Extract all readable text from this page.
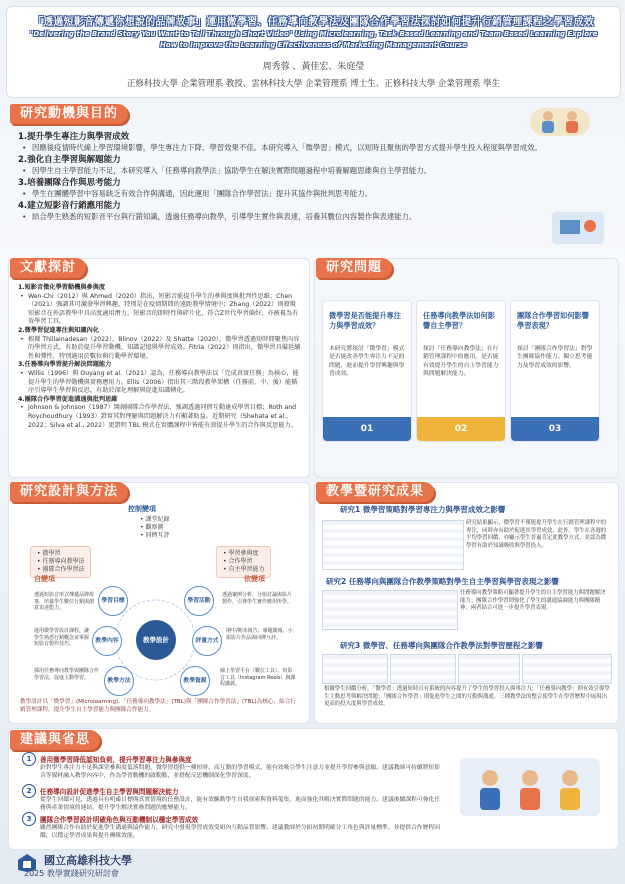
「透過短影音傳遞你想說的品牌故事」運用微學習、任務導向教學法及團隊合作學習法探討如何提升行銷管理課程之學習成效
"Delivering the Brand Story You Want to Tell Through Short Video" Using Microlearning, Task-Based Learning and Team-Based Learning Explore How to Improve the Learning Effectiveness of Marketing Management Course
周秀蓉 、黃佳宏、朱庭瑩
正修科技大學 企業管理系 教授、雲林科技大學 企業管理系 博士生、正修科技大學 企業管理系 學生
研究動機與目的
1.提升學生專注力與學習成效
• 因應後疫情時代線上學習環境影響，學生專注力下降、學習效果不佳。本研究導入「微學習」模式，以短時且聚焦的學習方式提升學生投入程度與學習成效。
2.強化自主學習與解題能力
• 因學生自主學習能力不足，本研究導入「任務導向教學法」協助學生在解決實際問題過程中培養解題思維與自主學習能力。
3.培養團隊合作與思考能力
• 學生在團體學習中容易缺乏有效合作與溝通，因此運用「團隊合作學習法」提升其協作與批判思考能力。
4.建立短影音行銷應用能力
• 結合學生熟悉的短影音平台與行銷知識，透過任務導向教學，引導學生實作與表達，培養其數位內容製作與表達能力。
文獻探討
1.短影音微化學習動機與參與度
• Wen-Chi（2012）與 Ahmed（2020）指出，短影音能提升學生的參與度與批判性思維；Chen（2021）強調其可激發學習興趣，特別是在疫情期間的遠距教學情境中；Zhang（2022）則發現短影音在外語教學中具高度適用潛力，短影音的即時性與碎片化，符合Z世代學習偏好，亦被視為有效學習工具。
2.微學習促進專注與知識內化
• 根據 Thillainadesan（2022）、Blinov（2022）及 Shatte（2020），微學習透過短時間聚焦內容的學習方式，有助於提升學習動機、知識記憶與學習成效。Fitria（2022）則指出，微學習具備延續性與彈性，特別適用於數位與行動學習環境。
3.任務導向學習提升解決問題能力
• Willis（1996）與 Ouyang et al.（2021）認為，任務導向教學法以「完成真實任務」為核心，能提升學生的學習動機與實務應用力。Ellis（2006）指出其三階段教學架構（任務前、中、後）能循序引導學生學習與反思，有助於深化理解與促進知識轉化。
4.團隊合作學習促進溝通與批判思維
• Johnson & Johnson（1987）開創團隊合作學習法，強調透過同儕互動達成學習目標；Roth and Roychoudhury（1993）證實其對理解與問題解決力有顯著助益。近期研究（Shehata et al., 2022；Silva et al., 2022）更證明 TBL 模式在實體課程中皆能有效提升學生的合作與反思能力。
研究問題
微學習是否能提升專注力與學習成效？
本研究將探討「微學習」模式是否能改善學生專注力不足的問題，進而提升學習興趣與學習成效。
01
任務導向教學法如何影響自主學習？
探討「任務導向教學法」在行銷管理課程中的應用，是否能有效提升學生的自主學習能力與問題解決能力。
02
團隊合作學習如何影響學習表現？
探討「團隊合作學習法」對學生團隊協作能力、獨立思考能力及學習成效的影響。
03
研究設計與方法
控制變項
• 課堂紀錄
• 觀察測
• 同儕互評
• 微學習
• 任務導向教學法
• 團隊合作學習法
自變項
• 學習參與度
• 合作學習
• 自主學習能力
依變項
教學設計
學習目標	學習活動
教學內容	評量方式
教學方法	教學資源
透過短影音形式傳遞品牌故事，培養學生數位行銷與創意表達能力。
運用微學習設計課程，讓學生熟悉行銷概念並掌握短影音製作技巧。
採用任務導向教學與團隊合作學習法，促進主動學習。
透過案例分析、分組討論與影片製作，引導學生實作應用所學。
期中/期末報告、專題簡報、小組影片作品與同儕互評。
線上學習平台（數位工具）、短影音工具（Instagram Reels）與課程講義。
教學設計以「微學習」(Microlearning)、「任務導向教學法」(TBL)與「團隊合作學習法」(TBL)為核心，結合行銷管理課程，提升學生自主學習能力與團隊合作能力。
教學暨研究成果
研究1 微學習策略對學習專注力與學習成效之影響
研究結果顯示，微學習不僅能提升學生在行銷管理課程中的專注，同時亦有助於促進其學習成效。此外，學生在各週的平均學習回饋，亦顯示學生普遍肯定此教學方式，並認為微學習有助於知識吸收與學習投入。
研究2 任務導向與團隊合作教學策略對學生自主學習與學習表現之影響
任務導向教學策略可顯著提升學生的自主學習能力與問題解決能力；團隊合作學習則強化了學生的溝通協調能力與團隊精神。兩者結合可進一步提升學習表現。
研究3 微學習、任務導向與團隊合作教學法對學習歷程之影響
根據學生回饋分析，「微學習」透過短時且有系統的內容提升了學生的學習投入與專注力；「任務導向教學」則有效引導學生主動思考與解決問題；「團隊合作學習」則促進學生之間的互動與溝通。三種教學法的整合使學生在學習歷程中展現出更高的投入度與學習成效。
建議與省思
1	善用微學習降低認知負荷，提升學習專注力與參與度
針對學生專注力不足與課堂參與度低落問題，微學習提供一種短時、高互動的學習模式，能有效吸引學生注意力並提升學習參與意願。建議教師可持續將短影音等媒材融入教學內容中，作為學習動機的啟動點，並搭配反思機制深化學習深度。
2	任務導向設計促進學生自主學習與問題解決能力
從學生回饋可見，透過具有明確目標與真實情境的任務設計，能有效驅動學生自我探索與資料蒐集，進而強化其解決實際問題的能力。建議後續課程可強化任務與產業情境的連結，提升學生解決實務問題的應變能力。
3	團隊合作學習設計明確角色與互動機制以穩定學習成效
雖然團隊合作有助於促進學生溝通與協作能力，研究中發現學習成效受組內互動品質影響。建議教師於分組初期明確分工角色與評量標準，並提供合作歷程回饋，以穩定學習成果與提升團隊效能。
國立高雄科技大學
2025 教學實踐研究研討會
